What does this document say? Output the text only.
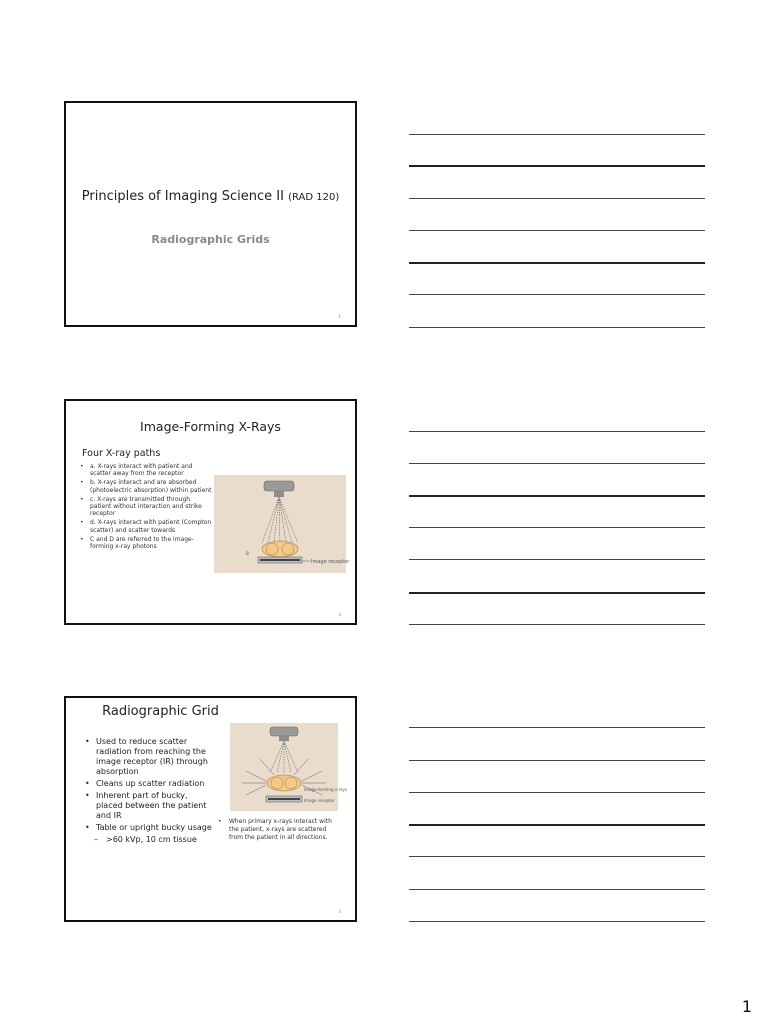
Principles of Imaging Science II (RAD 120)
Radiographic Grids
1
Image-Forming X-Rays
Four X-ray paths
• a. X-rays interact with patient and scatter away from the receptor
• b. X-rays interact and are absorbed (photoelectric absorption) within patient
• c. X-rays are transmitted through patient without interaction and strike receptor
• d. X-rays interact with patient (Compton scatter) and scatter towards
• C and D are referred to the image-forming x-ray photons
Image receptor
B
2
Radiographic Grid
• Used to reduce scatter radiation from reaching the image receptor (IR) through absorption
• Cleans up scatter radiation
• Inherent part of bucky, placed between the patient and IR
• Table or upright bucky usage
– >60 kVp, 10 cm tissue
Image-forming x-rays
Image receptor
• When primary x-rays interact with the patient, x-rays are scattered from the patient in all directions.
3
1
